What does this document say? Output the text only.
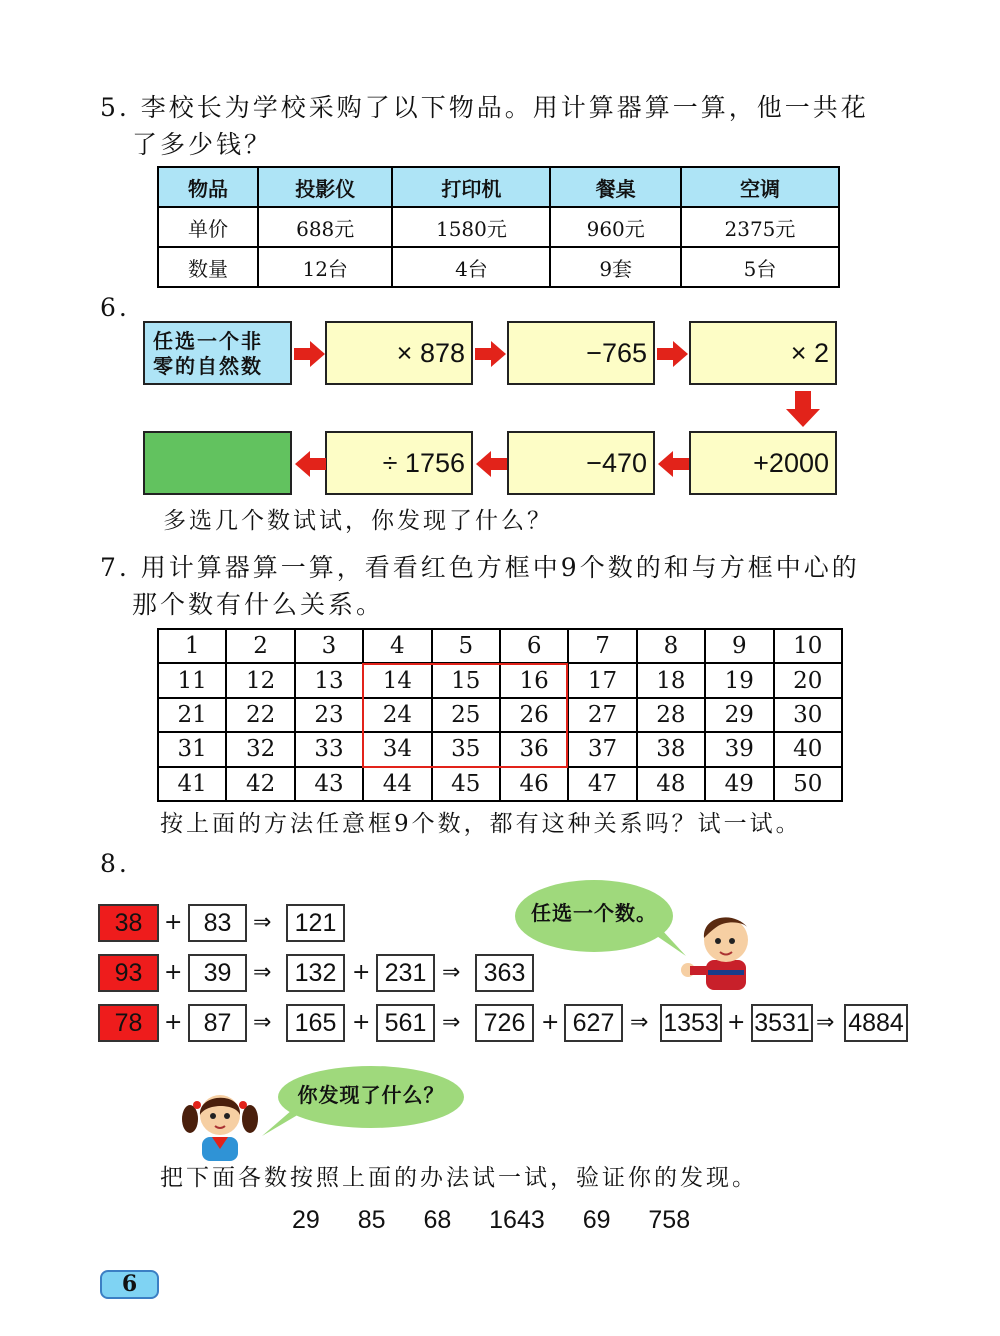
5. 李校长为学校采购了以下物品。用计算器算一算，他一共花
了多少钱？
物品	投影仪	打印机	餐桌	空调
单价	688元	1580元	960元	2375元
数量	12台	4台	9套	5台
6.
任选一个非
零的自然数	× 878	−765	× 2
+2000
−470
÷ 1756
多选几个数试试，你发现了什么？
7. 用计算器算一算，看看红色方框中9个数的和与方框中心的
那个数有什么关系。
1	2	3	4	5	6	7	8	9	10
11	12	13	14	15	16	17	18	19	20
21	22	23	24	25	26	27	28	29	30
31	32	33	34	35	36	37	38	39	40
41	42	43	44	45	46	47	48	49	50
按上面的方法任意框9个数，都有这种关系吗？试一试。
8.
38 + 83 ⇒ 121
93 + 39 ⇒ 132 + 231 ⇒ 363
78 + 87 ⇒ 165 + 561 ⇒ 726 + 627 ⇒ 1353 + 3531 ⇒ 4884
任选一个数。
你发现了什么？
把下面各数按照上面的办法试一试，验证你的发现。
29 85 68 1643 69 758
6
